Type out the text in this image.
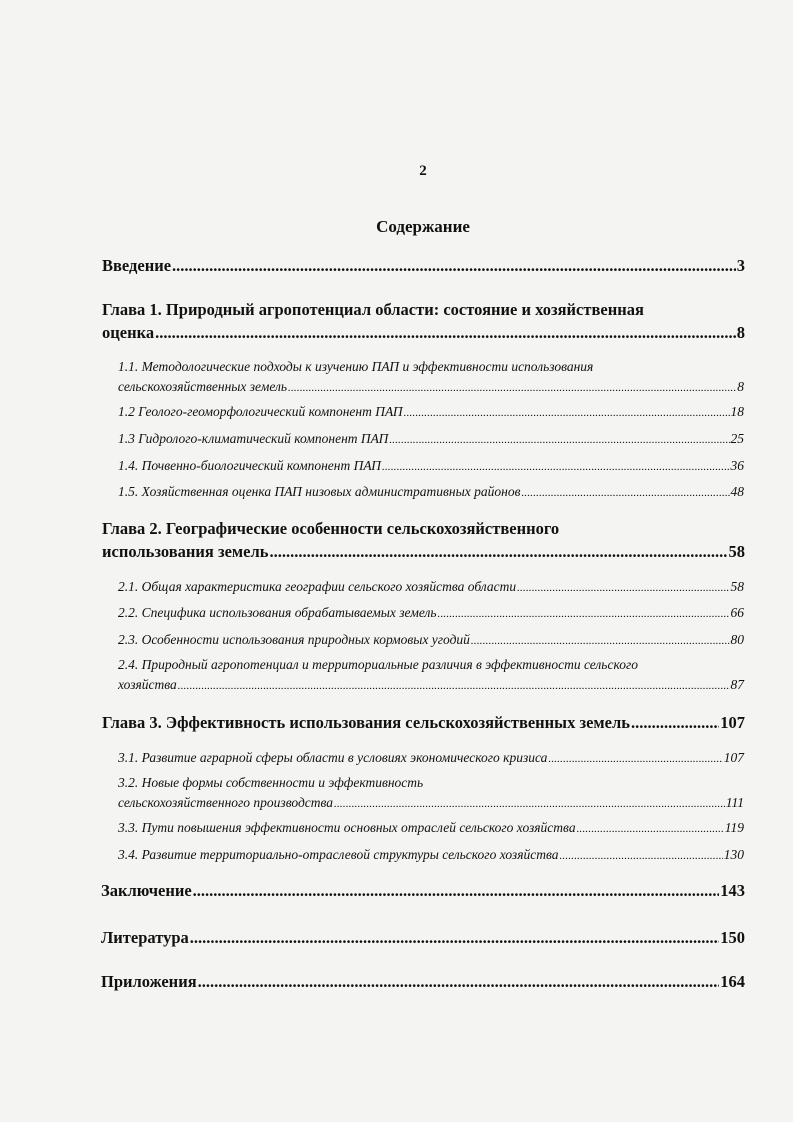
2
Содержание
Введение .....	3
Глава 1. Природный агропотенциал области: состояние и хозяйственная
оценка .....	8
1.1. Методологические подходы к изучению ПАП и эффективности использования
сельскохозяйственных земель .....	8
1.2 Геолого-геоморфологический компонент ПАП .....	18
1.3 Гидролого-климатический компонент ПАП .....	25
1.4. Почвенно-биологический компонент ПАП .....	36
1.5. Хозяйственная оценка ПАП низовых административных районов .....	48
Глава 2. Географические особенности сельскохозяйственного
использования земель .....	58
2.1. Общая характеристика географии сельского хозяйства области .....	58
2.2. Специфика использования обрабатываемых земель .....	66
2.3. Особенности использования природных кормовых угодий .....	80
2.4. Природный агропотенциал и территориальные различия в эффективности сельского
хозяйства .....	87
Глава 3. Эффективность использования сельскохозяйственных земель .....	107
3.1. Развитие аграрной сферы области в условиях экономического кризиса .....	107
3.2. Новые формы собственности и эффективность
сельскохозяйственного производства .....	111
3.3. Пути повышения эффективности основных отраслей сельского хозяйства .....	119
3.4. Развитие территориально-отраслевой структуры сельского хозяйства .....	130
Заключение .....	143
Литература .....	150
Приложения .....	164
